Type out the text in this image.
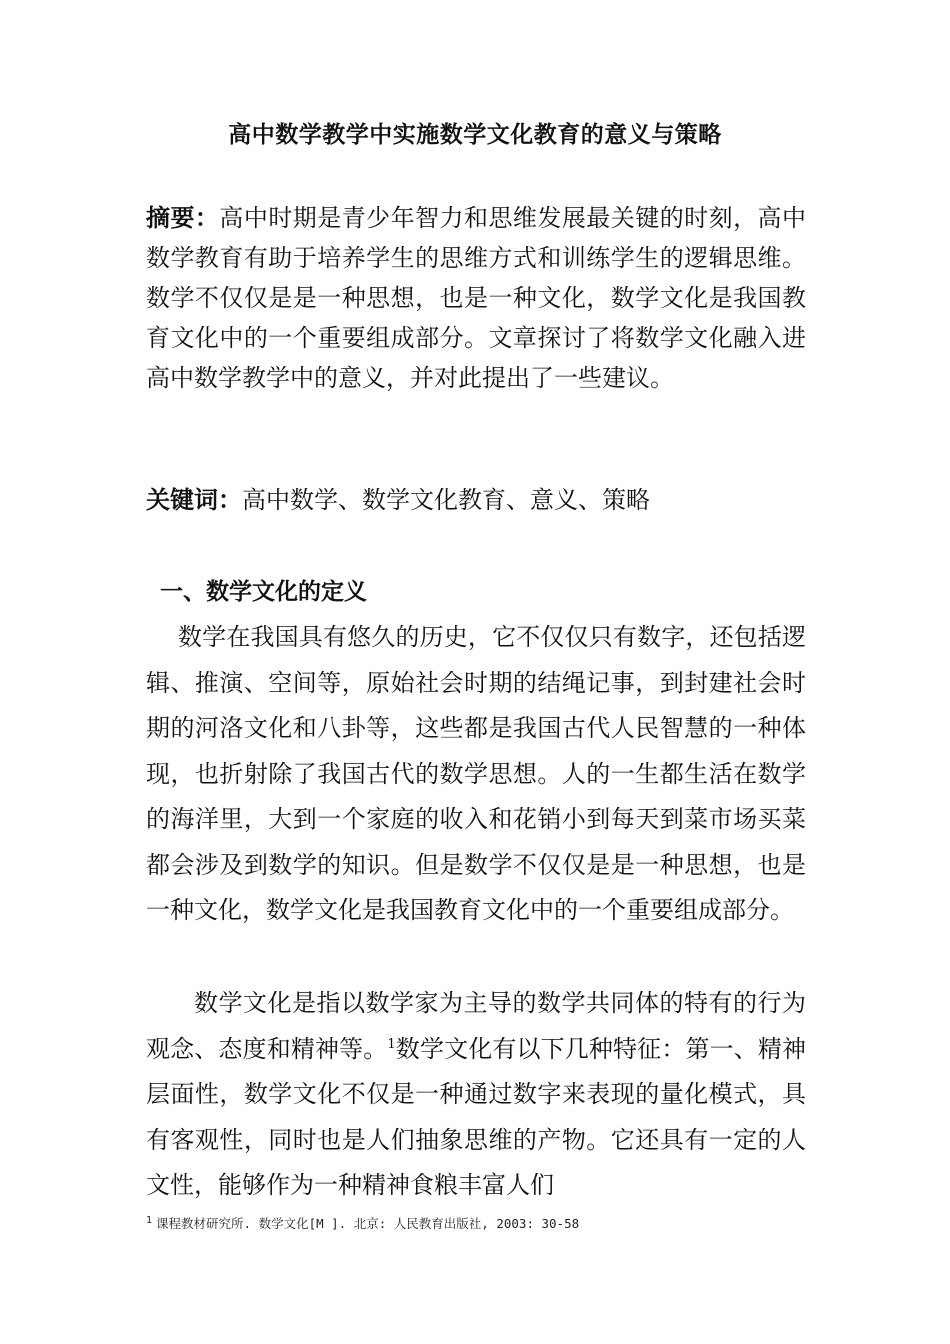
高中数学教学中实施数学文化教育的意义与策略
摘要：高中时期是青少年智力和思维发展最关键的时刻，高中数学教育有助于培养学生的思维方式和训练学生的逻辑思维。数学不仅仅是是一种思想，也是一种文化，数学文化是我国教育文化中的一个重要组成部分。文章探讨了将数学文化融入进高中数学教学中的意义，并对此提出了一些建议。
关键词：高中数学、数学文化教育、意义、策略
一、数学文化的定义
数学在我国具有悠久的历史，它不仅仅只有数字，还包括逻辑、推演、空间等，原始社会时期的结绳记事，到封建社会时期的河洛文化和八卦等，这些都是我国古代人民智慧的一种体现，也折射除了我国古代的数学思想。人的一生都生活在数学的海洋里，大到一个家庭的收入和花销小到每天到菜市场买菜都会涉及到数学的知识。但是数学不仅仅是是一种思想，也是一种文化，数学文化是我国教育文化中的一个重要组成部分。
数学文化是指以数学家为主导的数学共同体的特有的行为观念、态度和精神等。$^1$数学文化有以下几种特征：第一、精神层面性，数学文化不仅是一种通过数字来表现的量化模式，具有客观性，同时也是人们抽象思维的产物。它还具有一定的人文性，能够作为一种精神食粮丰富人们
$^1$ 课程教材研究所. 数学文化[M ]. 北京: 人民教育出版社, 2003: 30-58
